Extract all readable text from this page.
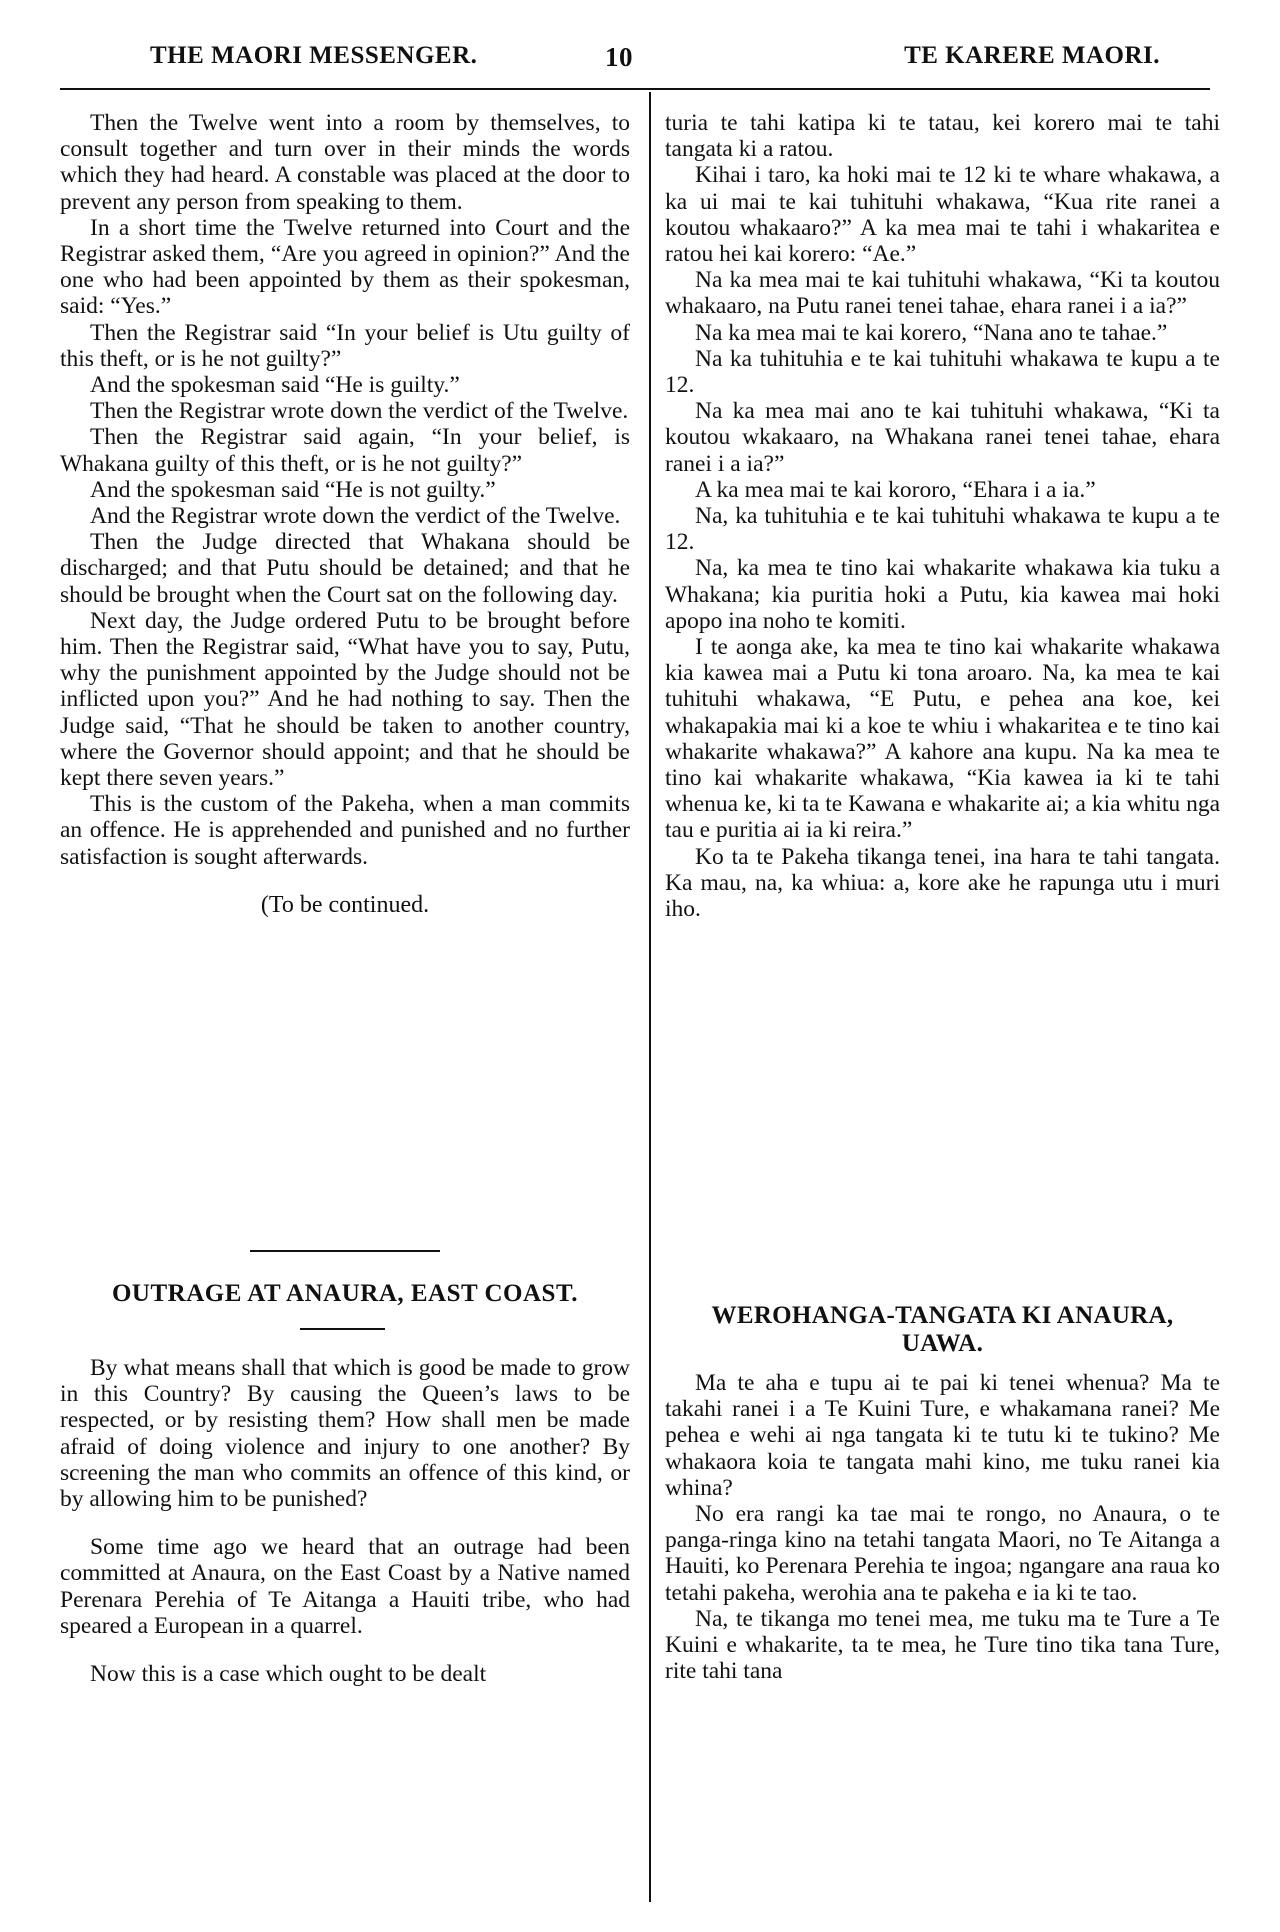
THE MAORI MESSENGER.	10	TE KARERE MAORI.

Then the Twelve went into a room by themselves, to consult together and turn over in their minds the words which they had heard. A constable was placed at the door to prevent any person from speaking to them.

In a short time the Twelve returned into Court and the Registrar asked them, “Are you agreed in opinion?” And the one who had been appointed by them as their spokesman, said: “Yes.”

Then the Registrar said “In your belief is Utu guilty of this theft, or is he not guilty?”

And the spokesman said “He is guilty.”

Then the Registrar wrote down the verdict of the Twelve.

Then the Registrar said again, “In your belief, is Whakana guilty of this theft, or is he not guilty?”

And the spokesman said “He is not guilty.”

And the Registrar wrote down the verdict of the Twelve.

Then the Judge directed that Whakana should be discharged; and that Putu should be detained; and that he should be brought when the Court sat on the following day.

Next day, the Judge ordered Putu to be brought before him. Then the Registrar said, “What have you to say, Putu, why the punishment appointed by the Judge should not be inflicted upon you?” And he had nothing to say. Then the Judge said, “That he should be taken to another country, where the Governor should appoint; and that he should be kept there seven years.”

This is the custom of the Pakeha, when a man commits an offence. He is apprehended and punished and no further satisfaction is sought afterwards.

(To be continued.

turia te tahi katipa ki te tatau, kei korero mai te tahi tangata ki a ratou.

Kihai i taro, ka hoki mai te 12 ki te whare whakawa, a ka ui mai te kai tuhituhi whakawa, “Kua rite ranei a koutou whakaaro?” A ka mea mai te tahi i whakaritea e ratou hei kai korero: “Ae.”

Na ka mea mai te kai tuhituhi whakawa, “Ki ta koutou whakaaro, na Putu ranei tenei tahae, ehara ranei i a ia?”

Na ka mea mai te kai korero, “Nana ano te tahae.”

Na ka tuhituhia e te kai tuhituhi whakawa te kupu a te 12.

Na ka mea mai ano te kai tuhituhi whakawa, “Ki ta koutou wkakaaro, na Whakana ranei tenei tahae, ehara ranei i a ia?”

A ka mea mai te kai kororo, “Ehara i a ia.”

Na, ka tuhituhia e te kai tuhituhi whakawa te kupu a te 12.

Na, ka mea te tino kai whakarite whakawa kia tuku a Whakana; kia puritia hoki a Putu, kia kawea mai hoki apopo ina noho te komiti.

I te aonga ake, ka mea te tino kai whakarite whakawa kia kawea mai a Putu ki tona aroaro. Na, ka mea te kai tuhituhi whakawa, “E Putu, e pehea ana koe, kei whakapakia mai ki a koe te whiu i whakaritea e te tino kai whakarite whakawa?” A kahore ana kupu. Na ka mea te tino kai whakarite whakawa, “Kia kawea ia ki te tahi whenua ke, ki ta te Kawana e whakarite ai; a kia whitu nga tau e puritia ai ia ki reira.”

Ko ta te Pakeha tikanga tenei, ina hara te tahi tangata. Ka mau, na, ka whiua: a, kore ake he rapunga utu i muri iho.

OUTRAGE AT ANAURA, EAST COAST.

By what means shall that which is good be made to grow in this Country? By causing the Queen’s laws to be respected, or by resisting them? How shall men be made afraid of doing violence and injury to one another? By screening the man who commits an offence of this kind, or by allowing him to be punished?

Some time ago we heard that an outrage had been committed at Anaura, on the East Coast by a Native named Perenara Perehia of Te Aitanga a Hauiti tribe, who had speared a European in a quarrel.

Now this is a case which ought to be dealt

WEROHANGA-TANGATA KI ANAURA,
UAWA.

Ma te aha e tupu ai te pai ki tenei whenua? Ma te takahi ranei i a Te Kuini Ture, e whakamana ranei? Me pehea e wehi ai nga tangata ki te tutu ki te tukino? Me whakaora koia te tangata mahi kino, me tuku ranei kia whina?

No era rangi ka tae mai te rongo, no Anaura, o te panga-ringa kino na tetahi tangata Maori, no Te Aitanga a Hauiti, ko Perenara Perehia te ingoa; ngangare ana raua ko tetahi pakeha, werohia ana te pakeha e ia ki te tao.

Na, te tikanga mo tenei mea, me tuku ma te Ture a Te Kuini e whakarite, ta te mea, he Ture tino tika tana Ture, rite tahi tana
